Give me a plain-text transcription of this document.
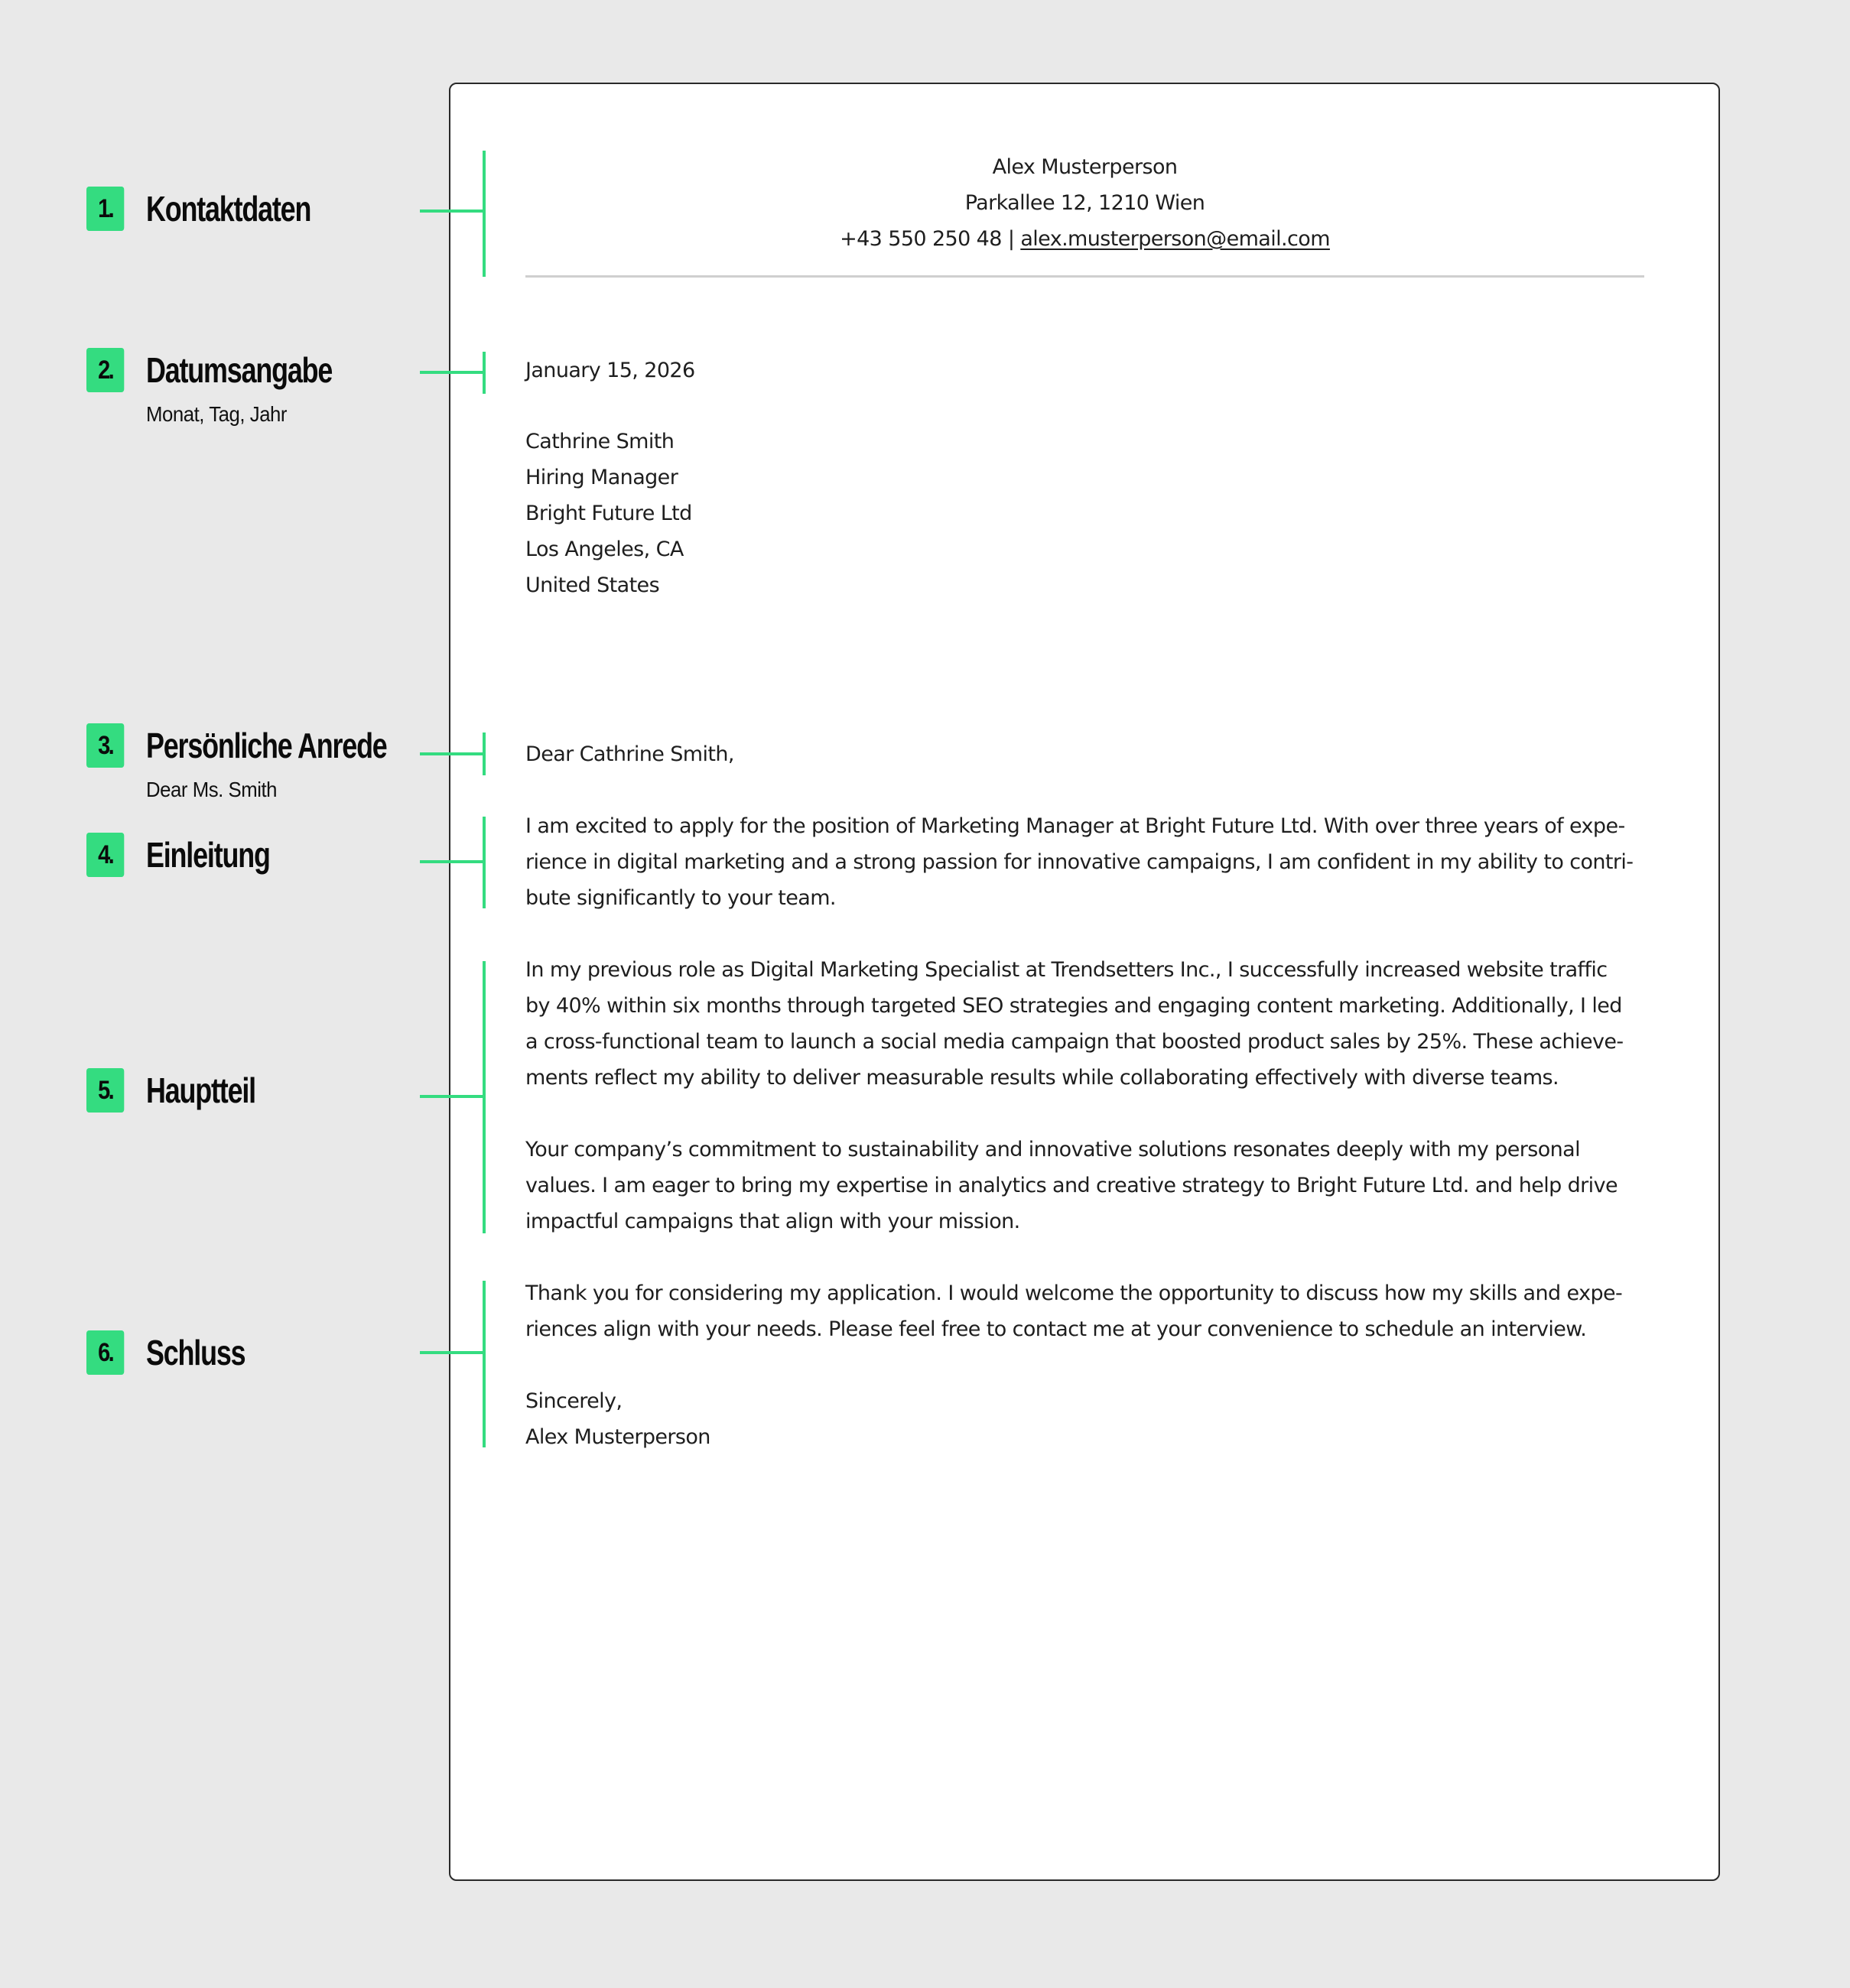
1. Kontaktdaten
2. Datumsangabe
Monat, Tag, Jahr
3. Persönliche Anrede
Dear Ms. Smith
4. Einleitung
5. Hauptteil
6. Schluss
Alex Musterperson
Parkallee 12, 1210 Wien
+43 550 250 48 | alex.musterperson@email.com
January 15, 2026
Cathrine Smith
Hiring Manager
Bright Future Ltd
Los Angeles, CA
United States
Dear Cathrine Smith,
I am excited to apply for the position of Marketing Manager at Bright Future Ltd. With over three years of expe-
rience in digital marketing and a strong passion for innovative campaigns, I am confident in my ability to contri-
bute significantly to your team.
In my previous role as Digital Marketing Specialist at Trendsetters Inc., I successfully increased website traffic
by 40% within six months through targeted SEO strategies and engaging content marketing. Additionally, I led
a cross-functional team to launch a social media campaign that boosted product sales by 25%. These achieve-
ments reflect my ability to deliver measurable results while collaborating effectively with diverse teams.
Your company’s commitment to sustainability and innovative solutions resonates deeply with my personal
values. I am eager to bring my expertise in analytics and creative strategy to Bright Future Ltd. and help drive
impactful campaigns that align with your mission.
Thank you for considering my application. I would welcome the opportunity to discuss how my skills and expe-
riences align with your needs. Please feel free to contact me at your convenience to schedule an interview.
Sincerely,
Alex Musterperson
